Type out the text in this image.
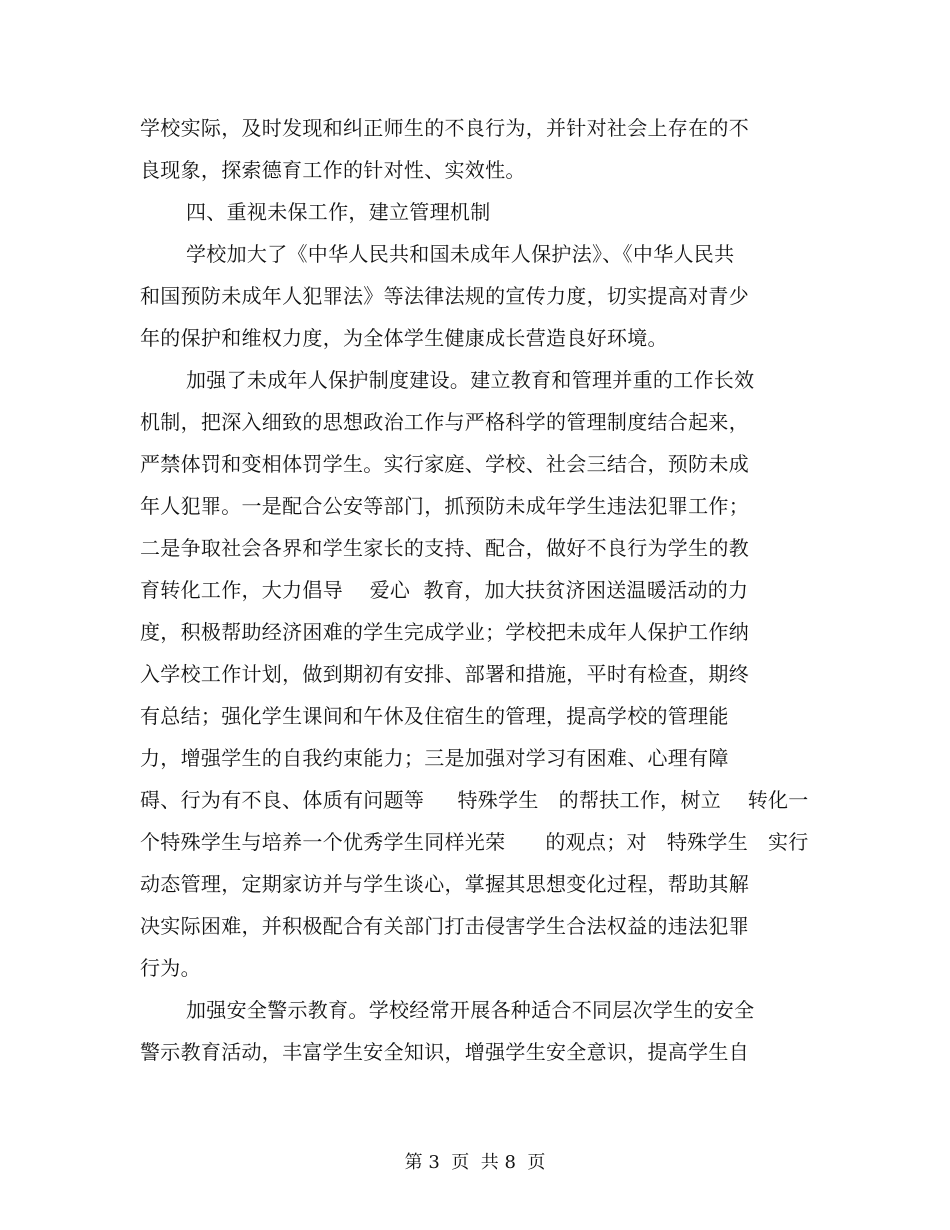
学校实际，及时发现和纠正师生的不良行为，并针对社会上存在的不
良现象，探索德育工作的针对性、实效性。
四、重视未保工作，建立管理机制
学校加大了《中华人民共和国未成年人保护法》、《中华人民共
和国预防未成年人犯罪法》等法律法规的宣传力度，切实提高对青少
年的保护和维权力度，为全体学生健康成长营造良好环境。
加强了未成年人保护制度建设。建立教育和管理并重的工作长效
机制，把深入细致的思想政治工作与严格科学的管理制度结合起来，
严禁体罚和变相体罚学生。实行家庭、学校、社会三结合，预防未成
年人犯罪。一是配合公安等部门，抓预防未成年学生违法犯罪工作；
二是争取社会各界和学生家长的支持、配合，做好不良行为学生的教
育转化工作，大力倡导    爱心  教育，加大扶贫济困送温暖活动的力
度，积极帮助经济困难的学生完成学业；学校把未成年人保护工作纳
入学校工作计划，做到期初有安排、部署和措施，平时有检查，期终
有总结；强化学生课间和午休及住宿生的管理，提高学校的管理能
力，增强学生的自我约束能力；三是加强对学习有困难、心理有障
碍、行为有不良、体质有问题等     特殊学生   的帮扶工作，树立    转化一
个特殊学生与培养一个优秀学生同样光荣      的观点；对   特殊学生   实行
动态管理，定期家访并与学生谈心，掌握其思想变化过程，帮助其解
决实际困难，并积极配合有关部门打击侵害学生合法权益的违法犯罪
行为。
加强安全警示教育。学校经常开展各种适合不同层次学生的安全
警示教育活动，丰富学生安全知识，增强学生安全意识，提高学生自
第 3  页  共 8  页
